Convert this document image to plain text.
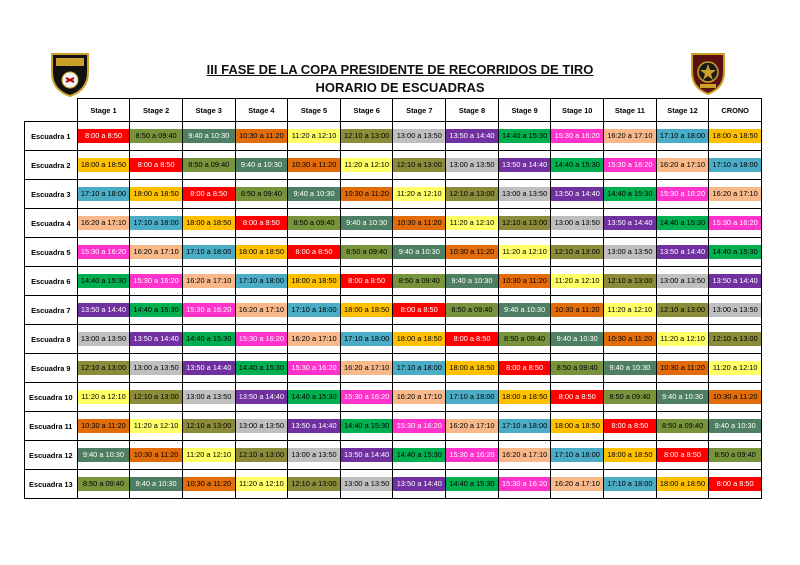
III FASE DE LA COPA PRESIDENTE DE RECORRIDOS DE TIRO
HORARIO DE ESCUADRAS
	Stage 1	Stage 2	Stage 3	Stage 4	Stage 5	Stage 6	Stage 7	Stage 8	Stage 9	Stage 10	Stage 11	Stage 12	CRONO
Escuadra 1	8:00 a 8:50	8:50 a 09:40	9:40 a 10:30	10:30 a 11:20	11:20 a 12:10	12:10 a 13:00	13:00 a 13:50	13:50 a 14:40	14:40 a 15:30	15:30 a 16:20	16:20 a 17:10	17:10 a 18:00	18:00 a 18:50

Escuadra 2	18:00 a 18:50	8:00 a 8:50	8:50 a 09:40	9:40 a 10:30	10:30 a 11:20	11:20 a 12:10	12:10 a 13:00	13:00 a 13:50	13:50 a 14:40	14:40 a 15:30	15:30 a 16:20	16:20 a 17:10	17:10 a 18:00

Escuadra 3	17:10 a 18:00	18:00 a 18:50	8:00 a 8:50	8:50 a 09:40	9:40 a 10:30	10:30 a 11:20	11:20 a 12:10	12:10 a 13:00	13:00 a 13:50	13:50 a 14:40	14:40 a 15:30	15:30 a 16:20	16:20 a 17:10

Escuadra 4	16:20 a 17:10	17:10 a 18:00	18:00 a 18:50	8:00 a 8:50	8:50 a 09:40	9:40 a 10:30	10:30 a 11:20	11:20 a 12:10	12:10 a 13:00	13:00 a 13:50	13:50 a 14:40	14:40 a 15:30	15:30 a 16:20

Escuadra 5	15:30 a 16:20	16:20 a 17:10	17:10 a 18:00	18:00 a 18:50	8:00 a 8:50	8:50 a 09:40	9:40 a 10:30	10:30 a 11:20	11:20 a 12:10	12:10 a 13:00	13:00 a 13:50	13:50 a 14:40	14:40 a 15:30

Escuadra 6	14:40 a 15:30	15:30 a 16:20	16:20 a 17:10	17:10 a 18:00	18:00 a 18:50	8:00 a 8:50	8:50 a 09:40	9:40 a 10:30	10:30 a 11:20	11:20 a 12:10	12:10 a 13:00	13:00 a 13:50	13:50 a 14:40

Escuadra 7	13:50 a 14:40	14:40 a 15:30	15:30 a 16:20	16:20 a 17:10	17:10 a 18:00	18:00 a 18:50	8:00 a 8:50	8:50 a 09:40	9:40 a 10:30	10:30 a 11:20	11:20 a 12:10	12:10 a 13:00	13:00 a 13:50

Escuadra 8	13:00 a 13:50	13:50 a 14:40	14:40 a 15:30	15:30 a 16:20	16:20 a 17:10	17:10 a 18:00	18:00 a 18:50	8:00 a 8:50	8:50 a 09:40	9:40 a 10:30	10:30 a 11:20	11:20 a 12:10	12:10 a 13:00

Escuadra 9	12:10 a 13:00	13:00 a 13:50	13:50 a 14:40	14:40 a 15:30	15:30 a 16:20	16:20 a 17:10	17:10 a 18:00	18:00 a 18:50	8:00 a 8:50	8:50 a 09:40	9:40 a 10:30	10:30 a 11:20	11:20 a 12:10

Escuadra 10	11:20 a 12:10	12:10 a 13:00	13:00 a 13:50	13:50 a 14:40	14:40 a 15:30	15:30 a 16:20	16:20 a 17:10	17:10 a 18:00	18:00 a 18:50	8:00 a 8:50	8:50 a 09:40	9:40 a 10:30	10:30 a 11:20

Escuadra 11	10:30 a 11:20	11:20 a 12:10	12:10 a 13:00	13:00 a 13:50	13:50 a 14:40	14:40 a 15:30	15:30 a 16:20	16:20 a 17:10	17:10 a 18:00	18:00 a 18:50	8:00 a 8:50	8:50 a 09:40	9:40 a 10:30

Escuadra 12	9:40 a 10:30	10:30 a 11:20	11:20 a 12:10	12:10 a 13:00	13:00 a 13:50	13:50 a 14:40	14:40 a 15:30	15:30 a 16:20	16:20 a 17:10	17:10 a 18:00	18:00 a 18:50	8:00 a 8:50	8:50 a 09:40

Escuadra 13	8:50 a 09:40	9:40 a 10:30	10:30 a 11:20	11:20 a 12:10	12:10 a 13:00	13:00 a 13:50	13:50 a 14:40	14:40 a 15:30	15:30 a 16:20	16:20 a 17:10	17:10 a 18:00	18:00 a 18:50	8:00 a 8:50
